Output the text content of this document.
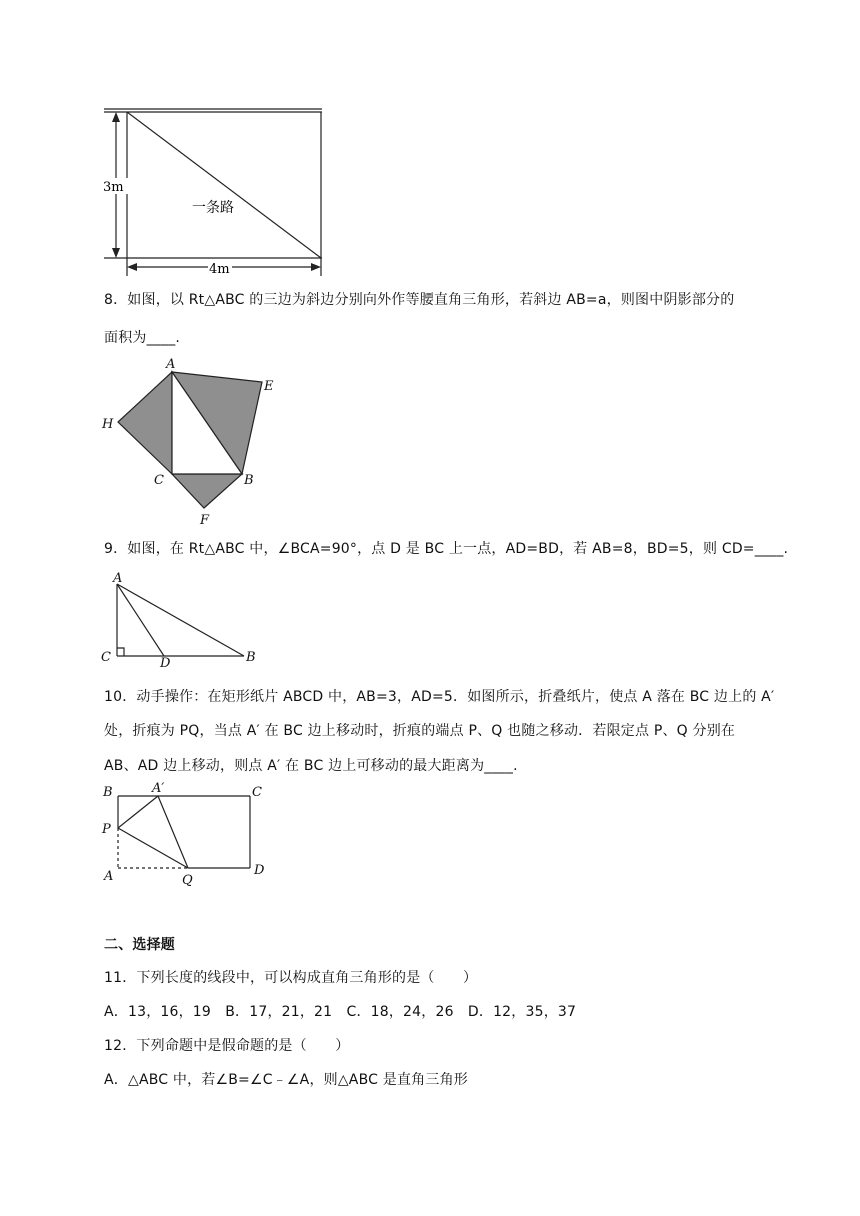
3m
4m
一条路
8．如图，以 Rt△ABC 的三边为斜边分别向外作等腰直角三角形，若斜边 AB=a，则图中阴影部分的
面积为____.
A
E
H
C	B
F
9．如图，在 Rt△ABC 中，∠BCA=90°，点 D 是 BC 上一点，AD=BD，若 AB=8，BD=5，则 CD=____.
A
C	D	B
10．动手操作：在矩形纸片 ABCD 中，AB=3，AD=5．如图所示，折叠纸片，使点 A 落在 BC 边上的 A′
处，折痕为 PQ，当点 A′ 在 BC 边上移动时，折痕的端点 P、Q 也随之移动．若限定点 P、Q 分别在
AB、AD 边上移动，则点 A′ 在 BC 边上可移动的最大距离为____.
B	A′	C
P
A	Q
D
二、选择题
11．下列长度的线段中，可以构成直角三角形的是（　　）
A．13，16，19　B．17，21，21　C．18，24，26　D．12，35，37
12．下列命题中是假命题的是（　　）
A．△ABC 中，若∠B=∠C﹣∠A，则△ABC 是直角三角形
